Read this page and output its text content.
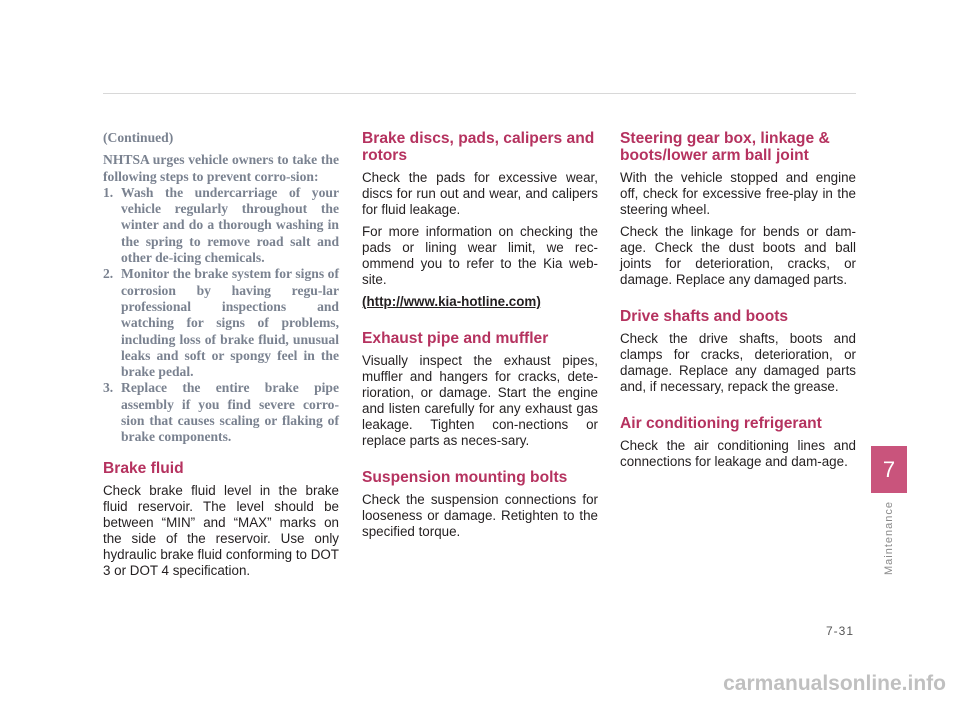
(Continued)

NHTSA urges vehicle owners to take the following steps to prevent corro-sion:

1. Wash the undercarriage of your vehicle regularly throughout the winter and do a thorough washing in the spring to remove road salt and other de-icing chemicals.
2. Monitor the brake system for signs of corrosion by having regu-lar professional inspections and watching for signs of problems, including loss of brake fluid, unusual leaks and soft or spongy feel in the brake pedal.
3. Replace the entire brake pipe assembly if you find severe corro-sion that causes scaling or flaking of brake components.
Brake fluid

Check brake fluid level in the brake fluid reservoir. The level should be between “MIN” and “MAX” marks on the side of the reservoir. Use only hydraulic brake fluid conforming to DOT 3 or DOT 4 specification.

Brake discs, pads, calipers and rotors

Check the pads for excessive wear, discs for run out and wear, and calipers for fluid leakage.

For more information on checking the pads or lining wear limit, we rec-ommend you to refer to the Kia web-site.

(http://www.kia-hotline.com)

Exhaust pipe and muffler

Visually inspect the exhaust pipes, muffler and hangers for cracks, dete-rioration, or damage. Start the engine and listen carefully for any exhaust gas leakage. Tighten con-nections or replace parts as neces-sary.

Suspension mounting bolts

Check the suspension connections for looseness or damage. Retighten to the specified torque.

Steering gear box, linkage & boots/lower arm ball joint

With the vehicle stopped and engine off, check for excessive free-play in the steering wheel.

Check the linkage for bends or dam-age. Check the dust boots and ball joints for deterioration, cracks, or damage. Replace any damaged parts.

Drive shafts and boots

Check the drive shafts, boots and clamps for cracks, deterioration, or damage. Replace any damaged parts and, if necessary, repack the grease.

Air conditioning refrigerant

Check the air conditioning lines and connections for leakage and dam-age.	7
Maintenance
7-31
carmanualsonline.info
